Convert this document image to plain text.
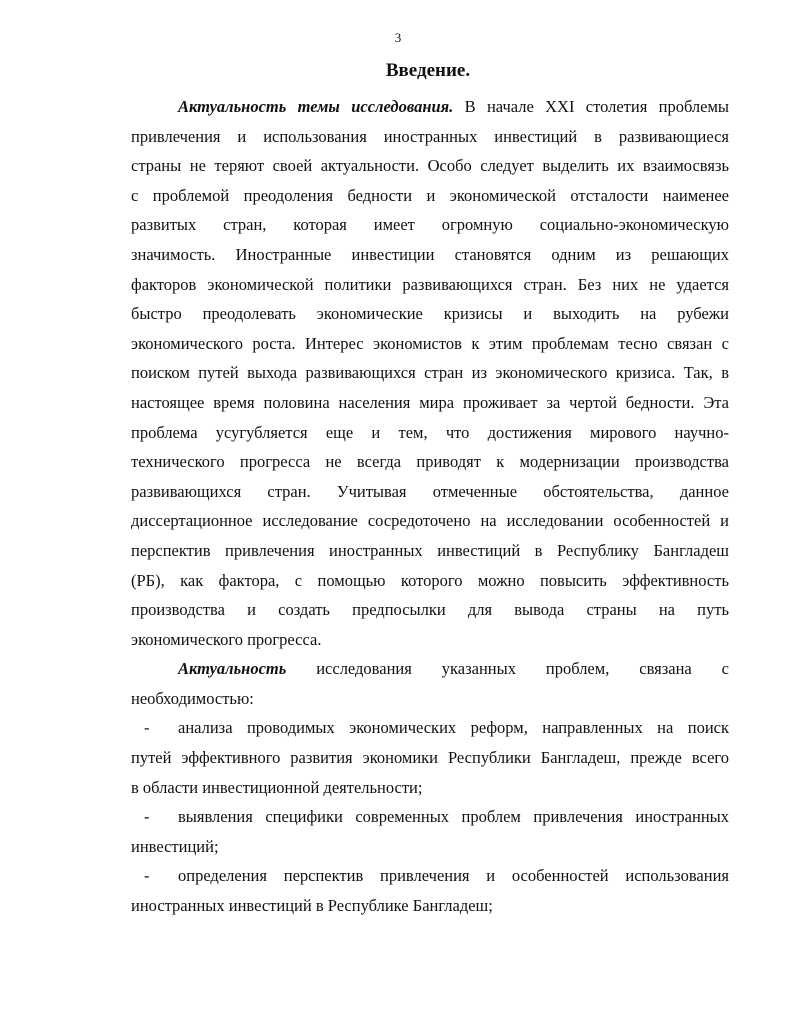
3
Введение.
Актуальность темы исследования. В начале XXI столетия проблемы
привлечения и использования иностранных инвестиций в развивающиеся
страны не теряют своей актуальности. Особо следует выделить их взаимосвязь
с проблемой преодоления бедности и экономической отсталости наименее
развитых стран, которая имеет огромную социально-экономическую
значимость. Иностранные инвестиции становятся одним из решающих
факторов экономической политики развивающихся стран. Без них не удается
быстро преодолевать экономические кризисы и выходить на рубежи
экономического роста. Интерес экономистов к этим проблемам тесно связан с
поиском путей выхода развивающихся стран из экономического кризиса. Так, в
настоящее время половина населения мира проживает за чертой бедности. Эта
проблема усугубляется еще и тем, что достижения мирового научно-
технического прогресса не всегда приводят к модернизации производства
развивающихся стран. Учитывая отмеченные обстоятельства, данное
диссертационное исследование сосредоточено на исследовании особенностей и
перспектив привлечения иностранных инвестиций в Республику Бангладеш
(РБ), как фактора, с помощью которого можно повысить эффективность
производства и создать предпосылки для вывода страны на путь
экономического прогресса.
Актуальность исследования указанных проблем, связана с
необходимостью:
-	анализа проводимых экономических реформ, направленных на поиск
путей эффективного развития экономики Республики Бангладеш, прежде всего
в области инвестиционной деятельности;
-	выявления специфики современных проблем привлечения иностранных
инвестиций;
-	определения перспектив привлечения и особенностей использования
иностранных инвестиций в Республике Бангладеш;
